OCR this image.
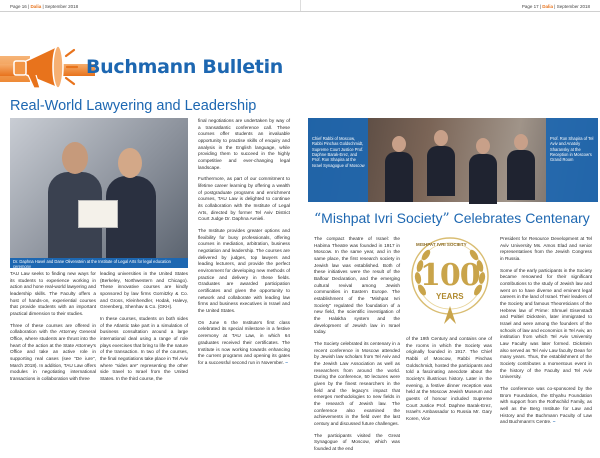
Page 16 | Dalia | September 2018	Page 17 | Dalia | September 2018
Buchmann Bulletin
Real-World Lawyering and Leadership
Dr. Daphna Havel and Dane Olivenstein at the Institute of Legal Arts for legal education ceremony

TAU Law seeks to finding new ways for its students to experience working in action and hone real-world lawyering and leadership skills. The Faculty offers a host of hands-on, experiential courses that provide students with an important practical dimension to their studies.

Three of these courses are offered in collaboration with the Attorney General Office, where students are thrust into the heart of the action at the State Attorney's Office and take an active role in supporting real cases (see "De iure", March 2018). In addition, TAU Law offers modules in negotiating international transactions in collaboration with three

leading universities in the United States (Berkeley, Northwestern and Chicago). These innovative courses are kindly sponsored by law firms Gornitzky & Co. and Gross, Kleinhendler, Hodak, Halevy, Greenberg, Shenhav & Co. (GKH).

In these courses, students on both sides of the Atlantic take part in a simulation of business consultation around a large international deal using a range of role plays exercises that bring to life the nature of the transaction. In two of the courses, the final negotiations take place in Tel Aviv where "sides are" representing the other side travel to Israel from the United States. In the third course, the

final negotiations are undertaken by way of a transatlantic conference call. These courses offer students an invaluable opportunity to practise skills of enquiry and analysis in the English language, while providing them to succeed in the highly competitive and ever-changing legal landscape.

Furthermore, as part of our commitment to lifetime career learning by offering a wealth of postgraduate programs and enrichment courses, TAU Law is delighted to continue its collaboration with the Institute of Legal Arts, directed by former Tel Aviv District Court Judge Dr. Daphna Avnieli.

The Institute provides greater options and flexibility for busy professionals, offering courses in mediation, arbitration, business negotiation and leadership. The courses are delivered by judges, top lawyers and leading lecturers, and provide the perfect environment for developing new methods of practice and delivery in these fields. Graduates are awarded participation certificates and given the opportunity to network and collaborate with leading law firms and business executives in Israel and the United States.

On June 6 the Institute's first class celebrated its special milestone in a festive ceremony at TAU Law, in which 64 graduates received their certificates. The Institute is now working towards enhancing the current programs and opening its gates for a successful second run in November. ~

Chief Rabbi of Moscow, Rabbi Pinchas Goldschmidt, Supreme Court Justice Prof. Daphne Barak-Erez, and Prof. Ron Shapira at the Israel Synagogue of Moscow
Prof. Ron Shapira of Tel Aviv and Anatoly Sharansky at the Reception in Moscow's Grand Room
“Mishpat Ivri Society” Celebrates Centenary

The compact theatre of Israel: the Habima Theatre was founded in 1917 in Moscow. In the same year, and in the same place, the first research society in Jewish law was established. Both of these initiatives were the result of the Balfour Declaration, and the emerging cultural revival among Jewish communities in Eastern Europe. The establishment of the "Mishpat Ivri Society" regulated the foundation of a new field, the scientific investigation of the Halakha system and the development of Jewish law in Israel today.

The Society celebrated its centenary in a recent conference in Moscow attended by Jewish law scholars from Tel Aviv and the Jewish Law Association as well as researchers from around the world. During the conference, 50 lectures were given by the finest researchers in the field and the legacy's impact that emerges methodologies to new fields in the research of Jewish law. The conference also examined the achievements in the field over the last century and discussed future challenges.

The participants visited the Great Synagogue of Moscow, which was founded at the end

MISHPAT IVRI SOCIETY
100
YEARS

of the 19th Century and contains one of the rooms in which the Society was originally founded in 1917. The Chief Rabbi of Moscow, Rabbi Pinchas Goldschmidt, hosted the participants and told a fascinating anecdote about the Society's illustrious history. Later in the evening, a festive dinner reception was held at the Moscow Jewish Museum and guests of honour included Supreme Court Justice Prof. Daphne Barak-Erez, Israel's Ambassador to Russia Mr. Gary Koren, Vice

President for Resource Development at Tel Aviv University Ms. Amos Elad and senior representatives from the Jewish Congress in Russia.

Some of the early participants in the Society became renowned for their significant contributions to the study of Jewish law and went on to have diverse and eminent legal careers in the land of Israel. Their leaders of the Society and famous Theoreticians of the Hebrew law of Prime: Shmuel Eisenstadt and Paltiel Dickstein, later immigrated to Israel and were among the founders of the schools of law and economics in Tel Aviv, an institution from which Tel Aviv University Law Faculty was later formed. Dickstein also served as Tel Aviv Law faculty Dean for many years. Thus, the establishment of the Society contributes a momentous event in the history of the Faculty and Tel Aviv University.

The conference was co-sponsored by the Brom Foundation, the Ehyahu Foundation with support from the Rothschild Family, as well as the Berg Institute for Law and History and the Buchmann Faculty of Law and Buchmann's Centre. ~
